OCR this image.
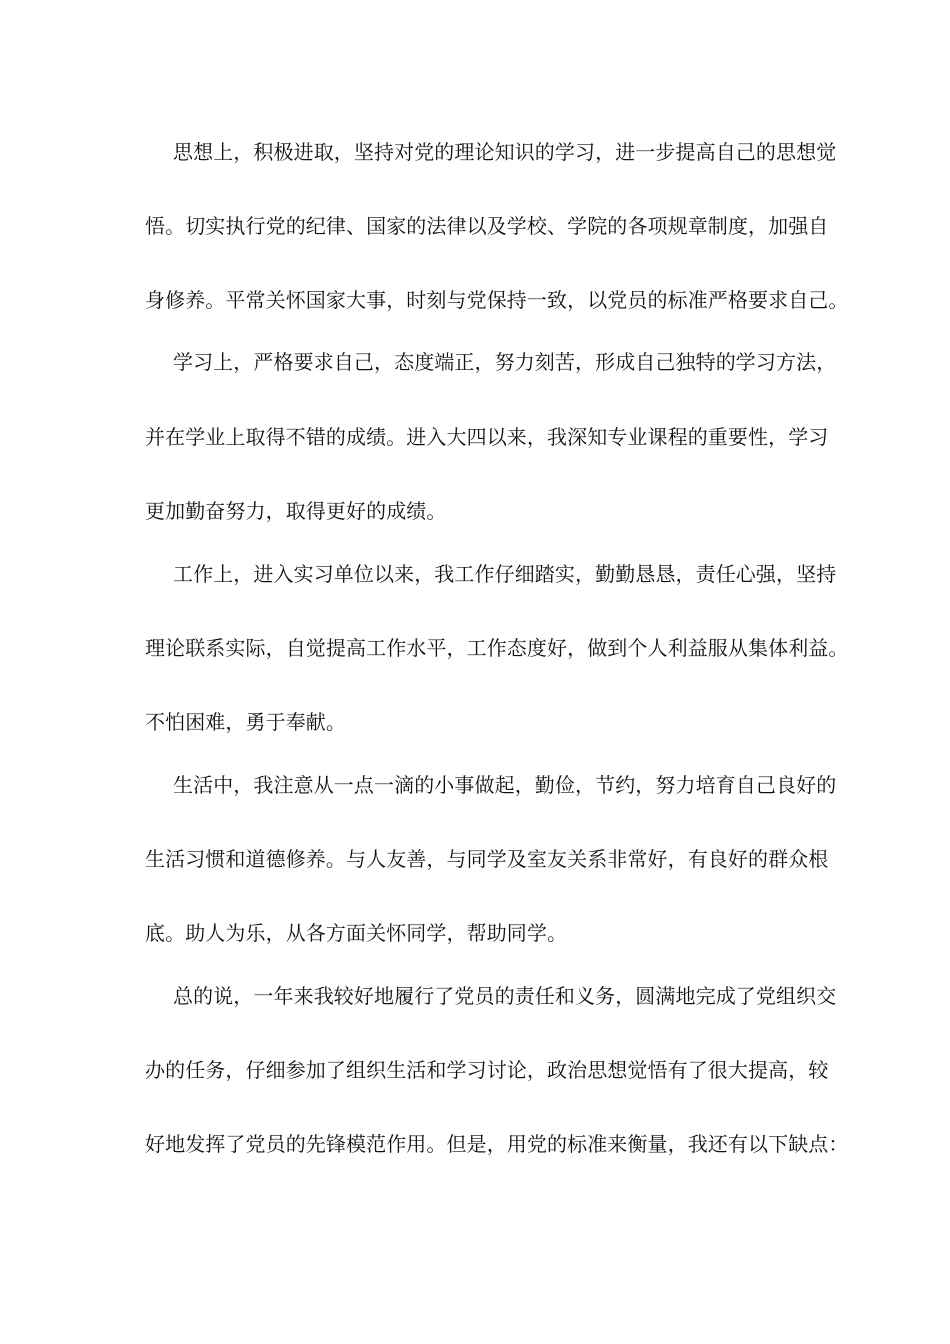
思想上，积极进取，坚持对党的理论知识的学习，进一步提高自己的思想觉
悟。切实执行党的纪律、国家的法律以及学校、学院的各项规章制度，加强自
身修养。平常关怀国家大事，时刻与党保持一致，以党员的标准严格要求自己。
学习上，严格要求自己，态度端正，努力刻苦，形成自己独特的学习方法，
并在学业上取得不错的成绩。进入大四以来，我深知专业课程的重要性，学习
更加勤奋努力，取得更好的成绩。
工作上，进入实习单位以来，我工作仔细踏实，勤勤恳恳，责任心强，坚持
理论联系实际，自觉提高工作水平，工作态度好，做到个人利益服从集体利益。
不怕困难，勇于奉献。
生活中，我注意从一点一滴的小事做起，勤俭，节约，努力培育自己良好的
生活习惯和道德修养。与人友善，与同学及室友关系非常好，有良好的群众根
底。助人为乐，从各方面关怀同学，帮助同学。
总的说，一年来我较好地履行了党员的责任和义务，圆满地完成了党组织交
办的任务，仔细参加了组织生活和学习讨论，政治思想觉悟有了很大提高，较
好地发挥了党员的先锋模范作用。但是，用党的标准来衡量，我还有以下缺点：
